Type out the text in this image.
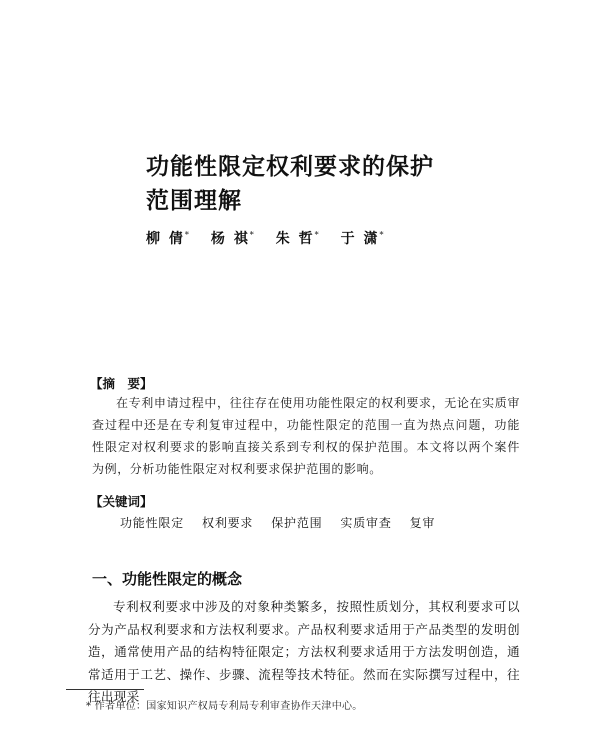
功能性限定权利要求的保护
范围理解
柳 倩* 杨 祺* 朱 哲* 于 潇*
【摘　要】
在专利申请过程中，往往存在使用功能性限定的权利要求，无论在实质审查过程中还是在专利复审过程中，功能性限定的范围一直为热点问题，功能性限定对权利要求的影响直接关系到专利权的保护范围。本文将以两个案件为例，分析功能性限定对权利要求保护范围的影响。
【关键词】
功能性限定 权利要求 保护范围 实质审查 复审
一、功能性限定的概念

专利权利要求中涉及的对象种类繁多，按照性质划分，其权利要求可以分为产品权利要求和方法权利要求。产品权利要求适用于产品类型的发明创造，通常使用产品的结构特征限定；方法权利要求适用于方法发明创造，通常适用于工艺、操作、步骤、流程等技术特征。然而在实际撰写过程中，往往出现采

* 作者单位：国家知识产权局专利局专利审查协作天津中心。
